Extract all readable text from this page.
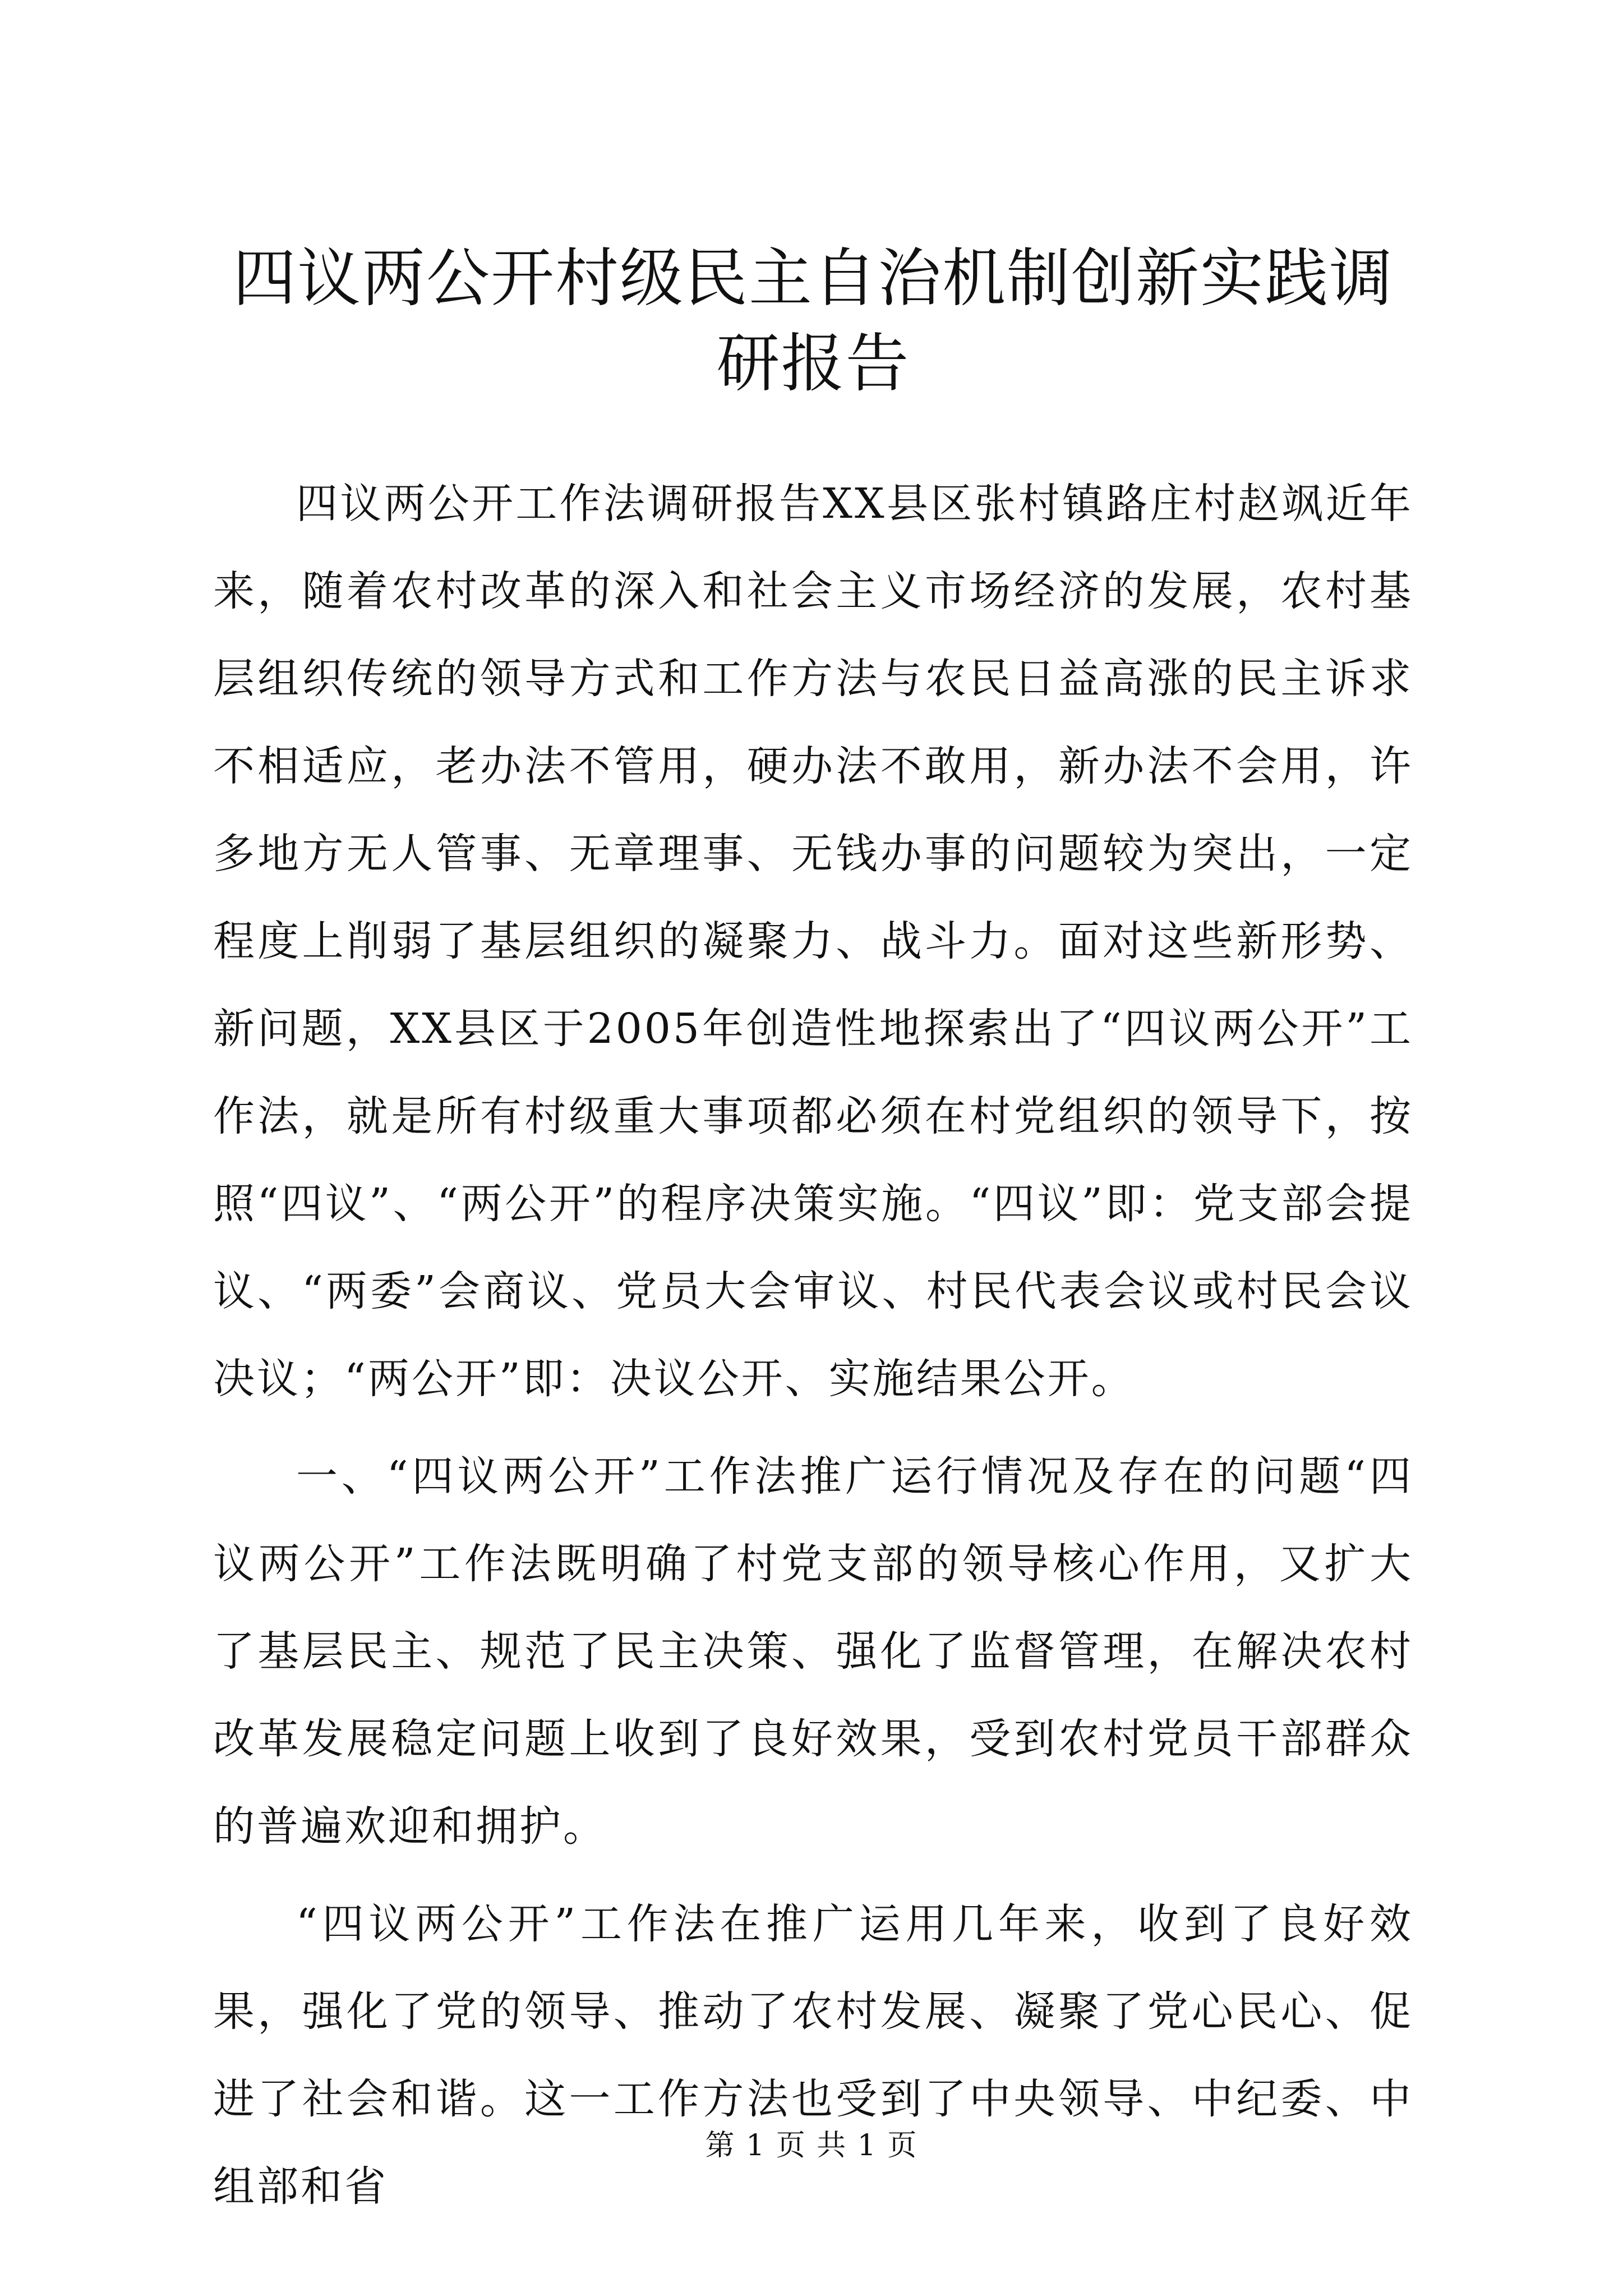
四议两公开村级民主自治机制创新实践调研报告

四议两公开工作法调研报告XX县区张村镇路庄村赵飒近年来，随着农村改革的深入和社会主义市场经济的发展，农村基层组织传统的领导方式和工作方法与农民日益高涨的民主诉求不相适应，老办法不管用，硬办法不敢用，新办法不会用，许多地方无人管事、无章理事、无钱办事的问题较为突出，一定程度上削弱了基层组织的凝聚力、战斗力。面对这些新形势、新问题，XX县区于2005年创造性地探索出了“四议两公开”工作法，就是所有村级重大事项都必须在村党组织的领导下，按照“四议”、“两公开”的程序决策实施。“四议”即：党支部会提议、“两委”会商议、党员大会审议、村民代表会议或村民会议决议；“两公开”即：决议公开、实施结果公开。

一、“四议两公开”工作法推广运行情况及存在的问题“四议两公开”工作法既明确了村党支部的领导核心作用，又扩大了基层民主、规范了民主决策、强化了监督管理，在解决农村改革发展稳定问题上收到了良好效果，受到农村党员干部群众的普遍欢迎和拥护。

“四议两公开”工作法在推广运用几年来，收到了良好效果，强化了党的领导、推动了农村发展、凝聚了党心民心、促进了社会和谐。这一工作方法也受到了中央领导、中纪委、中组部和省

第 1 页 共 1 页
